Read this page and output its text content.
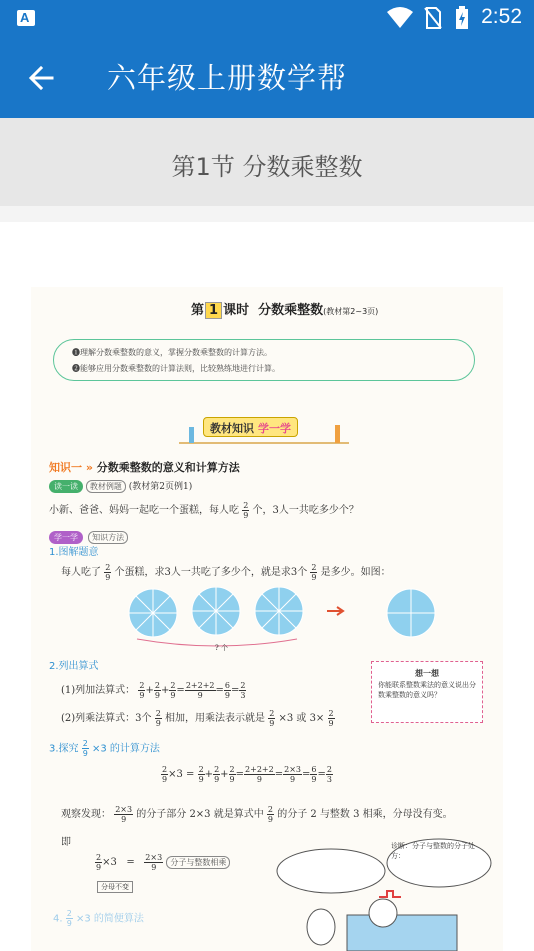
A	2:52
六年级上册数学帮
第1节 分数乘整数
第 1 课时 分数乘整数(教材第2~3页)
❶理解分数乘整数的意义，掌握分数乘整数的计算方法。
❷能够应用分数乘整数的计算法则，比较熟练地进行计算。
教材知识 学一学
知识一 » 分数乘整数的意义和计算方法
读一读 教材例题 (教材第2页例1)
小新、爸爸、妈妈一起吃一个蛋糕，每人吃 $\frac{2}{9}$ 个，3人一共吃多少个？
学一学 知识方法
1.图解题意
每人吃了 $\frac{2}{9}$ 个蛋糕，求3人一共吃了多少个，就是求3个 $\frac{2}{9}$ 是多少。如图：
? 个
2.列出算式
(1)列加法算式： $\frac{2}{9} + \frac{2}{9} + \frac{2}{9} = \frac{2+2+2}{9} = \frac{6}{9} = \frac{2}{3}$
(2)列乘法算式：3个 $\frac{2}{9}$ 相加，用乘法表示就是 $\frac{2}{9} \times 3$ 或 $3\times \frac{2}{9}$
想一想
你能联系整数乘法的意义说出分数乘整数的意义吗？
3.探究 $\frac{2}{9} \times 3$ 的计算方法
$\frac{2}{9} \times 3 = \frac{2}{9} + \frac{2}{9} + \frac{2}{9} = \frac{2+2+2}{9} = \frac{2\times 3}{9} = \frac{6}{9} = \frac{2}{3}$
观察发现： $\frac{2\times 3}{9}$ 的分子部分 2×3 就是算式中 $\frac{2}{9}$ 的分子 2 与整数 3 相乘，分母没有变。
即
$\frac{2}{9} \times 3 = \frac{2\times 3}{9}$ 分子与整数相乘
分母不变
诊断：分子与整数的分子处方：
4. $\frac{2}{9} \times 3$ 的简便算法
